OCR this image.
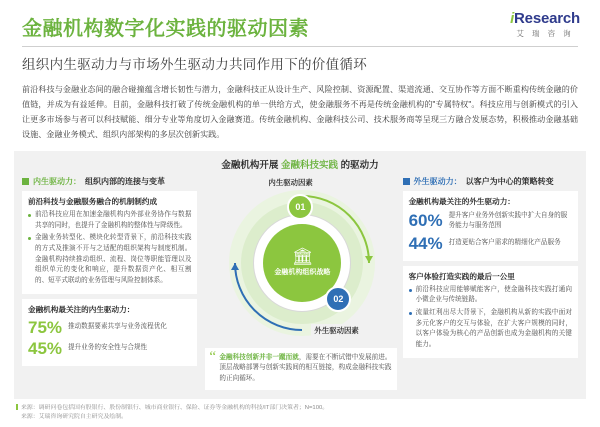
金融机构数字化实践的驱动因素
组织内生驱动力与市场外生驱动力共同作用下的价值循环
iResearch
艾 瑞 咨 询

前沿科技与金融业态间的融合碰撞蕴含增长韧性与潜力，金融科技正从设计生产、风险控制、资源配置、渠道流通、交互协作等方面不断重构传统金融的价值链，并成为有益延伸。目前，金融科技打破了传统金融机构的单一供给方式，使金融服务不再是传统金融机构的"专属特权"。科技应用与创新模式的引入让更多市场参与者可以科技赋能、细分专业等角度切入金融赛道。传统金融机构、金融科技公司、技术服务商等呈现三方融合发展态势，积极推动金融基础设施、金融业务模式、组织内部架构的多层次创新实践。

金融机构开展 金融科技实践 的驱动力
内生驱动力： 组织内部的连接与变革
前沿科技与金融服务融合的机制制约成
前沿科技应用在加速金融机构内外部业务协作与数据共享的同时，也提升了金融机构的整体性与降级性。
金融业务转型化、模块化转型背景下，前沿科技实践的方式及推演不开与之适配的组织架构与制度机制。金融机构持续推动组织、流程、岗位等职能管理以及组织单元的变化和响应，提升数据资产化、相互割的、短平式联动的业务管理与风险控制体系。
金融机构最关注的内生驱动力：
75% 推动数据要素共享与业务流程优化
45% 提升业务的安全性与合规性
内生驱动因素
🏛
金融机构组织战略
01
02
外生驱动因素
“ 金融科技创新并非一蹴而就，需要在不断试错中发展前进。顶层战略部署与创新实践间的相互链接，构成金融科技实践的正向循环。
外生驱动力： 以客户为中心的策略转变
金融机构最关注的外生驱动力：
60% 提升客户业务外创新实践中扩大自身的服务能力与服务范围
44% 打造更贴合客户需求的精细化产品服务
客户体验打造实践的最后一公里
前沿科技应用能够赋能客户，使金融科技实践打通向小微企业与传统链路。
流量红利出尽大背景下，金融机构从新的实践中面对多元化客户的交互与体验，在扩大客户规模的同时，以客户体验为核心的产品创新也成为金融机构的关键能力。
来源：调研问卷包括国有股银行、股份制银行、城市商业银行、保险、证券等金融机构的科技/IT部门决策者；N=100。
来源：艾瑞咨询研究院自主研究及绘制。
